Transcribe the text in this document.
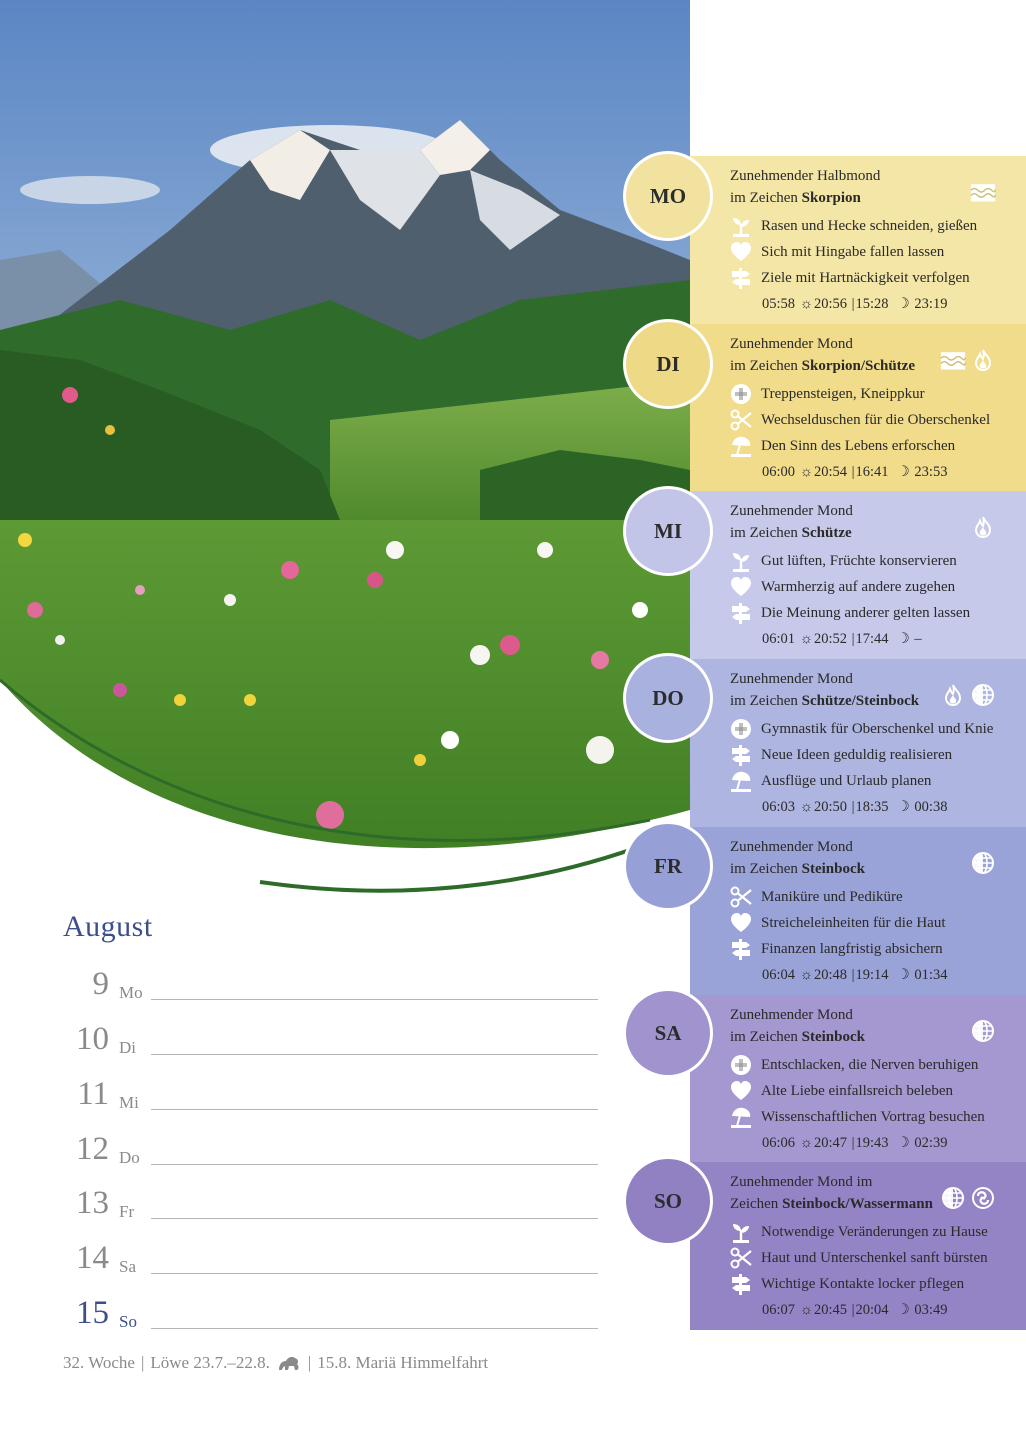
Zunehmender Halbmond
im Zeichen Skorpion
Rasen und Hecke schneiden, gießen
Sich mit Hingabe fallen lassen
Ziele mit Hartnäckigkeit verfolgen
05:58 ☼20:56 |15:28  ☽ 23:19
MO
Zunehmender Mond
im Zeichen Skorpion/Schütze
Treppensteigen, Kneippkur
Wechselduschen für die Oberschenkel
Den Sinn des Lebens erforschen
06:00 ☼20:54 |16:41  ☽ 23:53
DI
Zunehmender Mond
im Zeichen Schütze
Gut lüften, Früchte konservieren
Warmherzig auf andere zugehen
Die Meinung anderer gelten lassen
06:01 ☼20:52 |17:44  ☽ –
MI
Zunehmender Mond
im Zeichen Schütze/Steinbock
Gymnastik für Oberschenkel und Knie
Neue Ideen geduldig realisieren
Ausflüge und Urlaub planen
06:03 ☼20:50 |18:35  ☽ 00:38
DO
Zunehmender Mond
im Zeichen Steinbock
Maniküre und Pediküre
Streicheleinheiten für die Haut
Finanzen langfristig absichern
06:04 ☼20:48 |19:14  ☽ 01:34
FR
Zunehmender Mond
im Zeichen Steinbock
Entschlacken, die Nerven beruhigen
Alte Liebe einfallsreich beleben
Wissenschaftlichen Vortrag besuchen
06:06 ☼20:47 |19:43  ☽ 02:39
SA
Zunehmender Mond im
Zeichen Steinbock/Wassermann
Notwendige Veränderungen zu Hause
Haut und Unterschenkel sanft bürsten
Wichtige Kontakte locker pflegen
06:07 ☼20:45 |20:04  ☽ 03:49
SO
August
9 Mo
10 Di
11 Mi
12 Do
13 Fr
14 Sa
15 So
32. Woche | Löwe 23.7.–22.8. | 15.8. Mariä Himmelfahrt
